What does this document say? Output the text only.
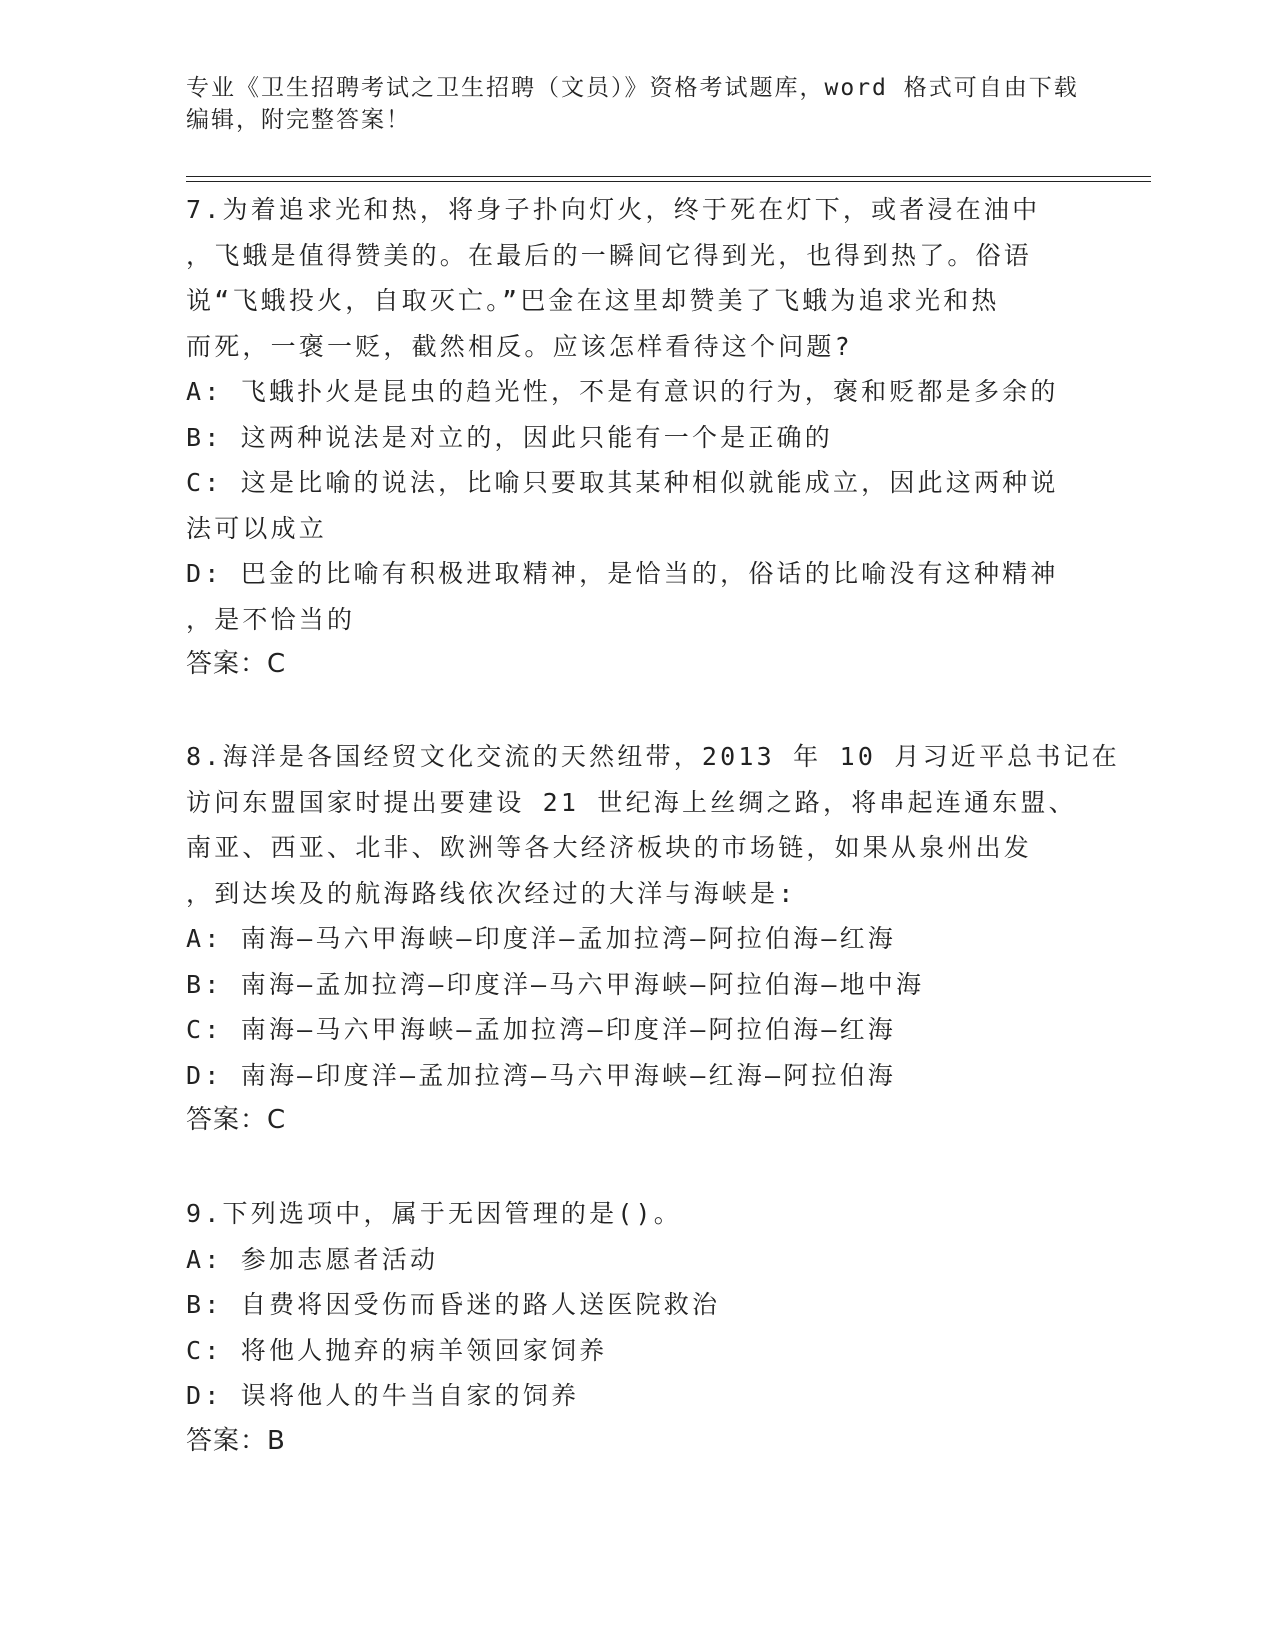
专业《卫生招聘考试之卫生招聘（文员）》资格考试题库，word 格式可自由下载
编辑，附完整答案！

7.为着追求光和热，将身子扑向灯火，终于死在灯下，或者浸在油中

，飞蛾是值得赞美的。在最后的一瞬间它得到光，也得到热了。俗语

说“飞蛾投火，自取灭亡。”巴金在这里却赞美了飞蛾为追求光和热

而死，一褒一贬，截然相反。应该怎样看待这个问题?

A: 飞蛾扑火是昆虫的趋光性，不是有意识的行为，褒和贬都是多余的

B: 这两种说法是对立的，因此只能有一个是正确的

C: 这是比喻的说法，比喻只要取其某种相似就能成立，因此这两种说

法可以成立

D: 巴金的比喻有积极进取精神，是恰当的，俗话的比喻没有这种精神

，是不恰当的

答案：C

8.海洋是各国经贸文化交流的天然纽带，2013 年 10 月习近平总书记在

访问东盟国家时提出要建设 21 世纪海上丝绸之路，将串起连通东盟、

南亚、西亚、北非、欧洲等各大经济板块的市场链，如果从泉州出发

，到达埃及的航海路线依次经过的大洋与海峡是:

A: 南海—马六甲海峡—印度洋—孟加拉湾—阿拉伯海—红海

B: 南海—孟加拉湾—印度洋—马六甲海峡—阿拉伯海—地中海

C: 南海—马六甲海峡—孟加拉湾—印度洋—阿拉伯海—红海

D: 南海—印度洋—孟加拉湾—马六甲海峡—红海—阿拉伯海

答案：C

9.下列选项中，属于无因管理的是()。

A: 参加志愿者活动

B: 自费将因受伤而昏迷的路人送医院救治

C: 将他人抛弃的病羊领回家饲养

D: 误将他人的牛当自家的饲养

答案：B
